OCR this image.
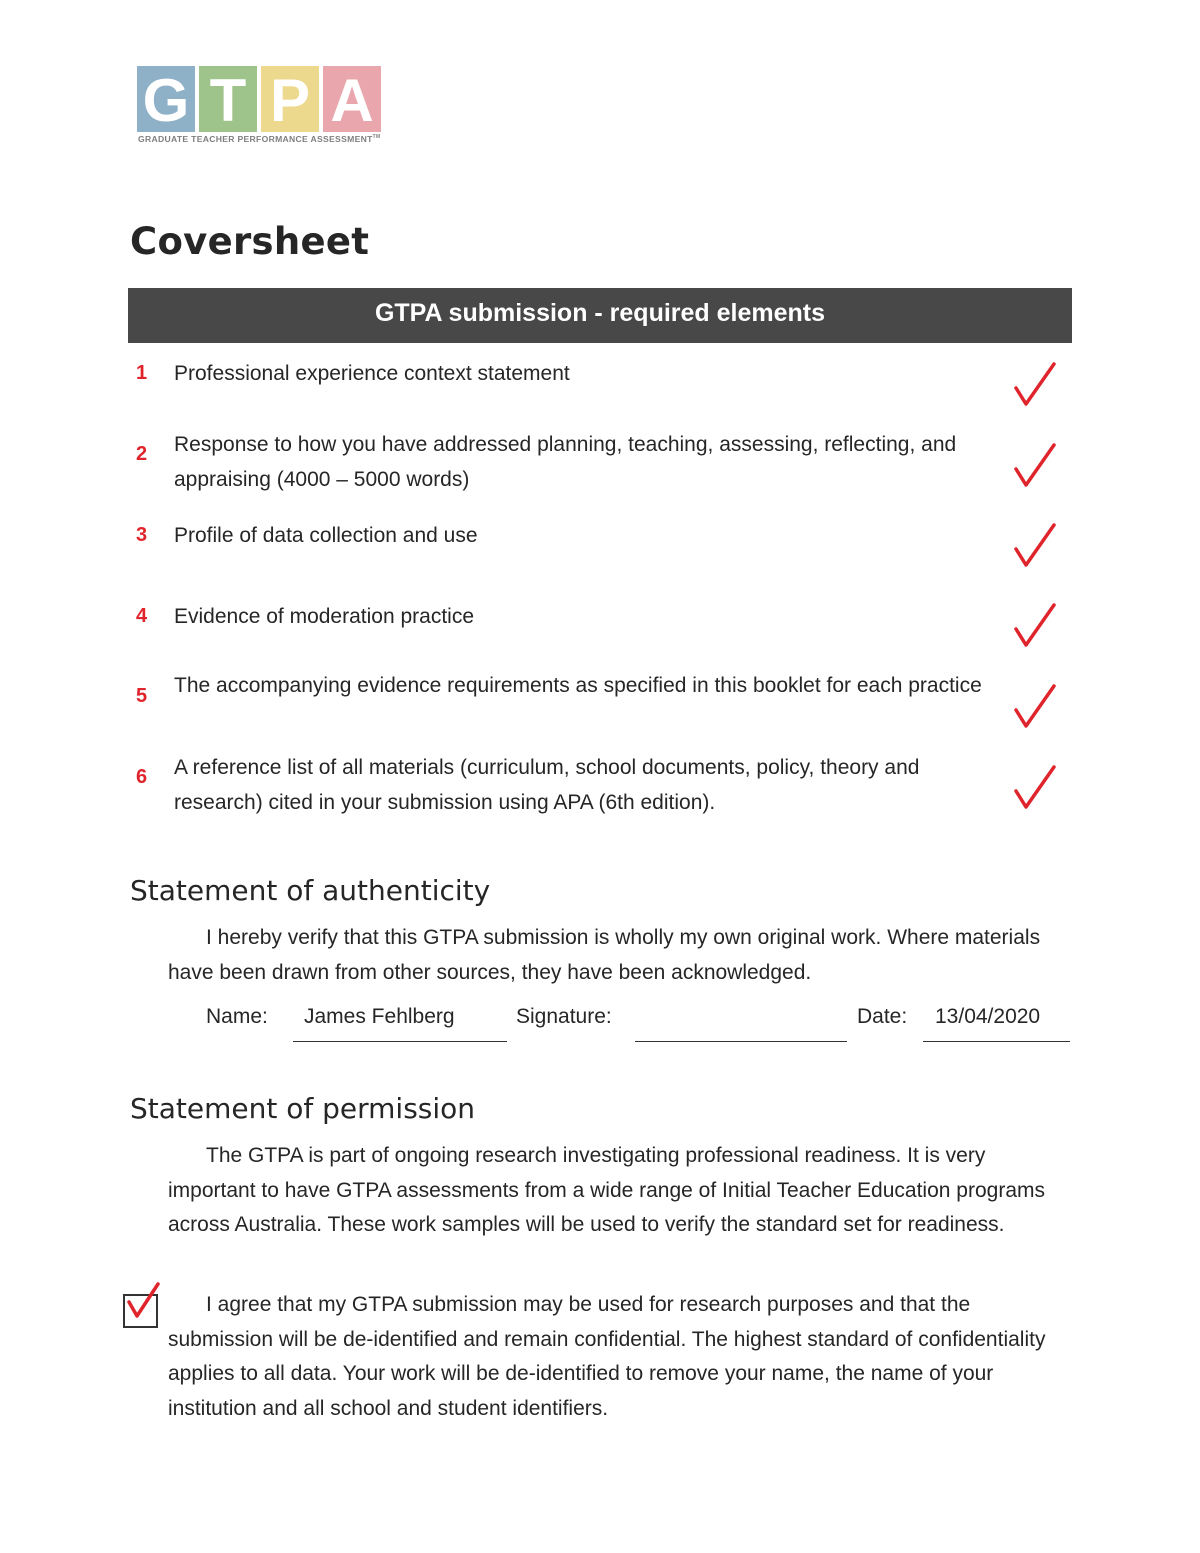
G T P A
GRADUATE TEACHER PERFORMANCE ASSESSMENT™
Coversheet
GTPA submission - required elements
1	Professional experience context statement
2	Response to how you have addressed planning, teaching, assessing, reflecting, and appraising (4000 – 5000 words)
3	Profile of data collection and use
4	Evidence of moderation practice
5	The accompanying evidence requirements as specified in this booklet for each practice
6	A reference list of all materials (curriculum, school documents, policy, theory and research) cited in your submission using APA (6th edition).
Statement of authenticity
I hereby verify that this GTPA submission is wholly my own original work. Where materials have been drawn from other sources, they have been acknowledged.
Name: James Fehlberg	Signature:	Date: 13/04/2020
Statement of permission
The GTPA is part of ongoing research investigating professional readiness. It is very important to have GTPA assessments from a wide range of Initial Teacher Education programs across Australia. These work samples will be used to verify the standard set for readiness.
I agree that my GTPA submission may be used for research purposes and that the submission will be de-identified and remain confidential. The highest standard of confidentiality applies to all data. Your work will be de-identified to remove your name, the name of your institution and all school and student identifiers.
